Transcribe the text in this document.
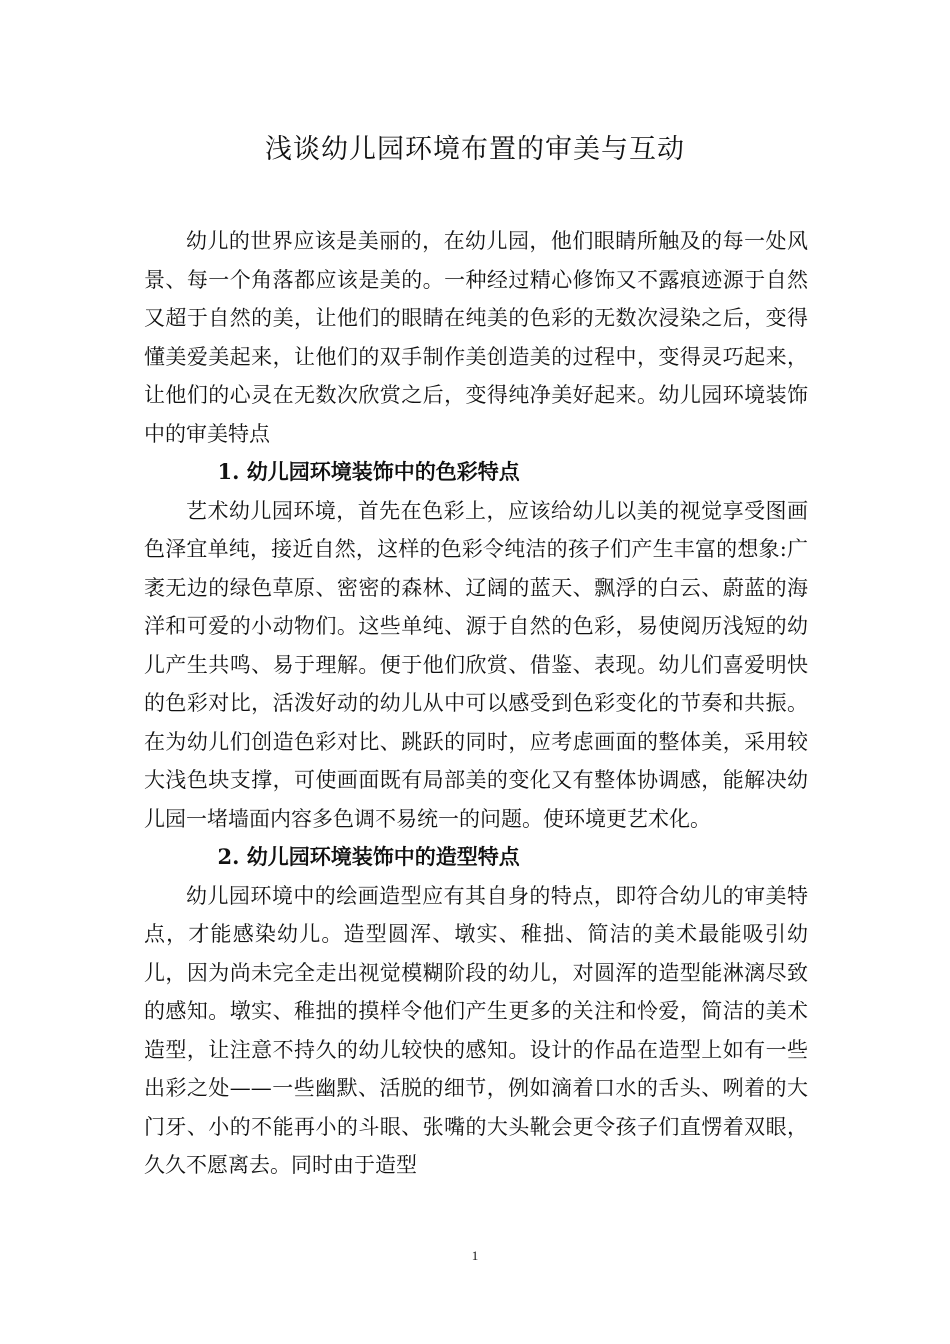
浅谈幼儿园环境布置的审美与互动

幼儿的世界应该是美丽的，在幼儿园，他们眼睛所触及的每一处风景、每一个角落都应该是美的。一种经过精心修饰又不露痕迹源于自然又超于自然的美，让他们的眼睛在纯美的色彩的无数次浸染之后，变得懂美爱美起来，让他们的双手制作美创造美的过程中，变得灵巧起来，让他们的心灵在无数次欣赏之后，变得纯净美好起来。幼儿园环境装饰中的审美特点

1. 幼儿园环境装饰中的色彩特点

艺术幼儿园环境，首先在色彩上，应该给幼儿以美的视觉享受图画色泽宜单纯，接近自然，这样的色彩令纯洁的孩子们产生丰富的想象:广袤无边的绿色草原、密密的森林、辽阔的蓝天、飘浮的白云、蔚蓝的海洋和可爱的小动物们。这些单纯、源于自然的色彩，易使阅历浅短的幼儿产生共鸣、易于理解。便于他们欣赏、借鉴、表现。幼儿们喜爱明快的色彩对比，活泼好动的幼儿从中可以感受到色彩变化的节奏和共振。在为幼儿们创造色彩对比、跳跃的同时，应考虑画面的整体美，采用较大浅色块支撑，可使画面既有局部美的变化又有整体协调感，能解决幼儿园一堵墙面内容多色调不易统一的问题。使环境更艺术化。

2. 幼儿园环境装饰中的造型特点

幼儿园环境中的绘画造型应有其自身的特点，即符合幼儿的审美特点，才能感染幼儿。造型圆浑、墩实、稚拙、简洁的美术最能吸引幼儿，因为尚未完全走出视觉模糊阶段的幼儿，对圆浑的造型能淋漓尽致的感知。墩实、稚拙的摸样令他们产生更多的关注和怜爱，简洁的美术造型，让注意不持久的幼儿较快的感知。设计的作品在造型上如有一些出彩之处——一些幽默、活脱的细节，例如滴着口水的舌头、咧着的大门牙、小的不能再小的斗眼、张嘴的大头靴会更令孩子们直愣着双眼，久久不愿离去。同时由于造型

1
